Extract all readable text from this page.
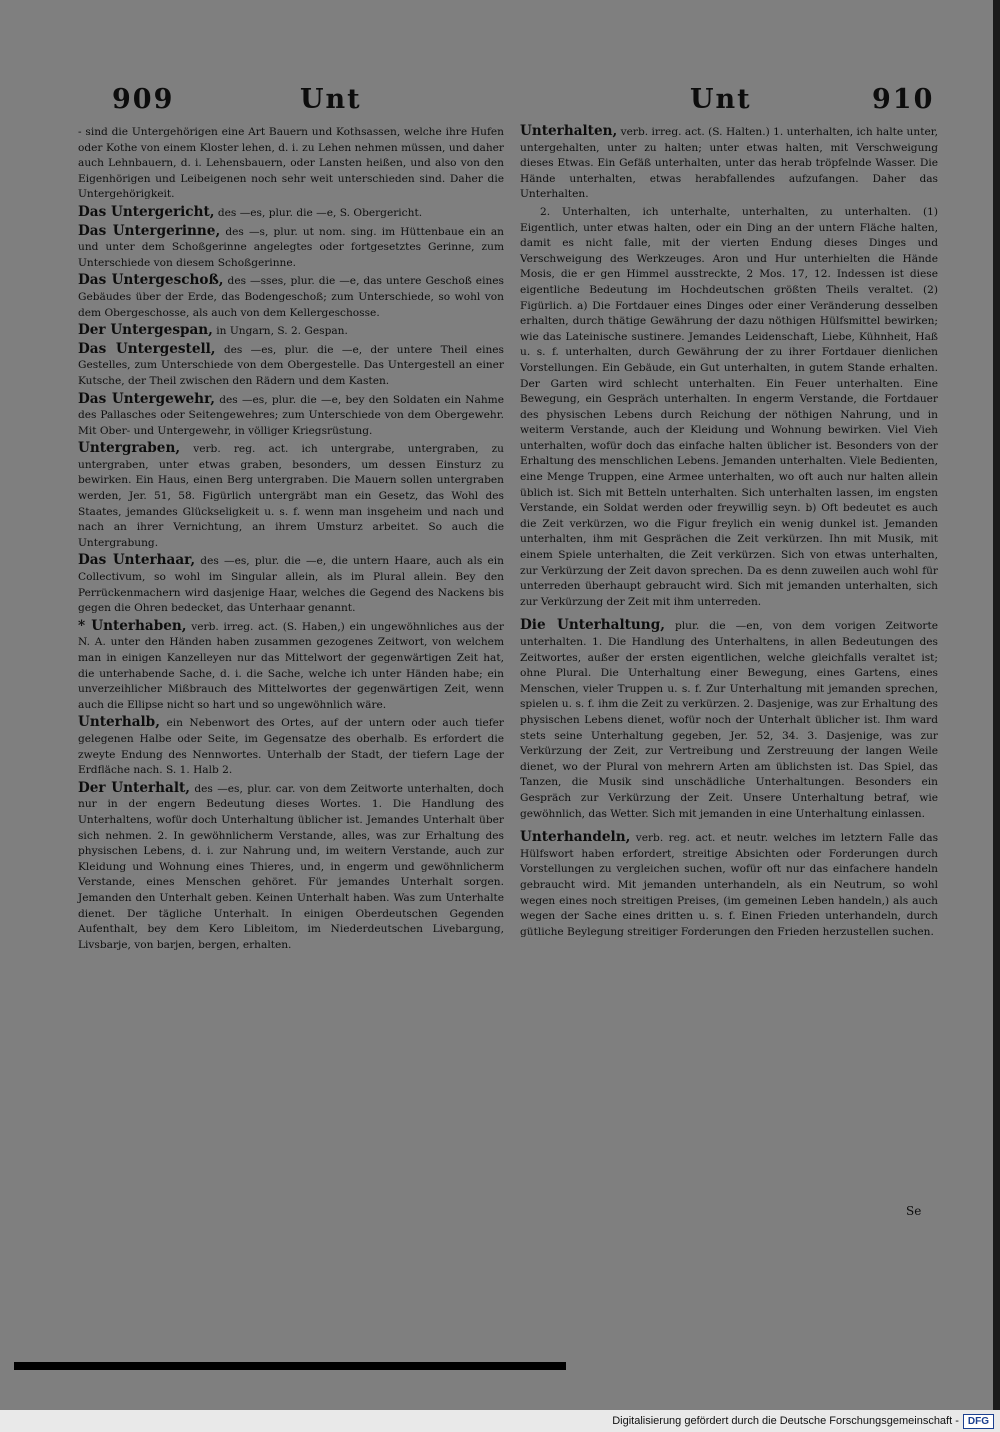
909	Unt	Unt	910

- sind die Untergehörigen eine Art Bauern und Kothsassen, welche ihre Hufen oder Kothe von einem Kloster lehen, d. i. zu Lehen nehmen müssen, und daher auch Lehnbauern, d. i. Lehensbauern, oder Lansten heißen, und also von den Eigenhörigen und Leibeigenen noch sehr weit unterschieden sind. Daher die Untergehörigkeit.

Das Untergericht, des —es, plur. die —e, S. Obergericht.

Das Untergerinne, des —s, plur. ut nom. sing. im Hüttenbaue ein an und unter dem Schoßgerinne angelegtes oder fortgesetztes Gerinne, zum Unterschiede von diesem Schoßgerinne.

Das Untergeschoß, des —sses, plur. die —e, das untere Geschoß eines Gebäudes über der Erde, das Bodengeschoß; zum Unterschiede, so wohl von dem Obergeschosse, als auch von dem Kellergeschosse.

Der Untergespan, in Ungarn, S. 2. Gespan.

Das Untergestell, des —es, plur. die —e, der untere Theil eines Gestelles, zum Unterschiede von dem Obergestelle. Das Untergestell an einer Kutsche, der Theil zwischen den Rädern und dem Kasten.

Das Untergewehr, des —es, plur. die —e, bey den Soldaten ein Nahme des Pallasches oder Seitengewehres; zum Unterschiede von dem Obergewehr. Mit Ober- und Untergewehr, in völliger Kriegsrüstung.

Untergraben, verb. reg. act. ich untergrabe, untergraben, zu untergraben, unter etwas graben, besonders, um dessen Einsturz zu bewirken. Ein Haus, einen Berg untergraben. Die Mauern sollen untergraben werden, Jer. 51, 58. Figürlich untergräbt man ein Gesetz, das Wohl des Staates, jemandes Glückseligkeit u. s. f. wenn man insgeheim und nach und nach an ihrer Vernichtung, an ihrem Umsturz arbeitet. So auch die Untergrabung.

Das Unterhaar, des —es, plur. die —e, die untern Haare, auch als ein Collectivum, so wohl im Singular allein, als im Plural allein. Bey den Perrückenmachern wird dasjenige Haar, welches die Gegend des Nackens bis gegen die Ohren bedecket, das Unterhaar genannt.

* Unterhaben, verb. irreg. act. (S. Haben,) ein ungewöhnliches aus der N. A. unter den Händen haben zusammen gezogenes Zeitwort, von welchem man in einigen Kanzelleyen nur das Mittelwort der gegenwärtigen Zeit hat, die unterhabende Sache, d. i. die Sache, welche ich unter Händen habe; ein unverzeihlicher Mißbrauch des Mittelwortes der gegenwärtigen Zeit, wenn auch die Ellipse nicht so hart und so ungewöhnlich wäre.

Unterhalb, ein Nebenwort des Ortes, auf der untern oder auch tiefer gelegenen Halbe oder Seite, im Gegensatze des oberhalb. Es erfordert die zweyte Endung des Nennwortes. Unterhalb der Stadt, der tiefern Lage der Erdfläche nach. S. 1. Halb 2.

Der Unterhalt, des —es, plur. car. von dem Zeitworte unterhalten, doch nur in der engern Bedeutung dieses Wortes. 1. Die Handlung des Unterhaltens, wofür doch Unterhaltung üblicher ist. Jemandes Unterhalt über sich nehmen. 2. In gewöhnlicherm Verstande, alles, was zur Erhaltung des physischen Lebens, d. i. zur Nahrung und, im weitern Verstande, auch zur Kleidung und Wohnung eines Thieres, und, in engerm und gewöhnlicherm Verstande, eines Menschen gehöret. Für jemandes Unterhalt sorgen. Jemanden den Unterhalt geben. Keinen Unterhalt haben. Was zum Unterhalte dienet. Der tägliche Unterhalt. In einigen Oberdeutschen Gegenden Aufenthalt, bey dem Kero Libleitom, im Niederdeutschen Livebargung, Livsbarje, von barjen, bergen, erhalten.

Unterhalten, verb. irreg. act. (S. Halten.) 1. unterhalten, ich halte unter, untergehalten, unter zu halten; unter etwas halten, mit Verschweigung dieses Etwas. Ein Gefäß unterhalten, unter das herab tröpfelnde Wasser. Die Hände unterhalten, etwas herabfallendes aufzufangen. Daher das Unterhalten.

2. Unterhalten, ich unterhalte, unterhalten, zu unterhalten. (1) Eigentlich, unter etwas halten, oder ein Ding an der untern Fläche halten, damit es nicht falle, mit der vierten Endung dieses Dinges und Verschweigung des Werkzeuges. Aron und Hur unterhielten die Hände Mosis, die er gen Himmel ausstreckte, 2 Mos. 17, 12. Indessen ist diese eigentliche Bedeutung im Hochdeutschen größten Theils veraltet. (2) Figürlich. a) Die Fortdauer eines Dinges oder einer Veränderung desselben erhalten, durch thätige Gewährung der dazu nöthigen Hülfsmittel bewirken; wie das Lateinische sustinere. Jemandes Leidenschaft, Liebe, Kühnheit, Haß u. s. f. unterhalten, durch Gewährung der zu ihrer Fortdauer dienlichen Vorstellungen. Ein Gebäude, ein Gut unterhalten, in gutem Stande erhalten. Der Garten wird schlecht unterhalten. Ein Feuer unterhalten. Eine Bewegung, ein Gespräch unterhalten. In engerm Verstande, die Fortdauer des physischen Lebens durch Reichung der nöthigen Nahrung, und in weiterm Verstande, auch der Kleidung und Wohnung bewirken. Viel Vieh unterhalten, wofür doch das einfache halten üblicher ist. Besonders von der Erhaltung des menschlichen Lebens. Jemanden unterhalten. Viele Bedienten, eine Menge Truppen, eine Armee unterhalten, wo oft auch nur halten allein üblich ist. Sich mit Betteln unterhalten. Sich unterhalten lassen, im engsten Verstande, ein Soldat werden oder freywillig seyn. b) Oft bedeutet es auch die Zeit verkürzen, wo die Figur freylich ein wenig dunkel ist. Jemanden unterhalten, ihm mit Gesprächen die Zeit verkürzen. Ihn mit Musik, mit einem Spiele unterhalten, die Zeit verkürzen. Sich von etwas unterhalten, zur Verkürzung der Zeit davon sprechen. Da es denn zuweilen auch wohl für unterreden überhaupt gebraucht wird. Sich mit jemanden unterhalten, sich zur Verkürzung der Zeit mit ihm unterreden.

Die Unterhaltung, plur. die —en, von dem vorigen Zeitworte unterhalten. 1. Die Handlung des Unterhaltens, in allen Bedeutungen des Zeitwortes, außer der ersten eigentlichen, welche gleichfalls veraltet ist; ohne Plural. Die Unterhaltung einer Bewegung, eines Gartens, eines Menschen, vieler Truppen u. s. f. Zur Unterhaltung mit jemanden sprechen, spielen u. s. f. ihm die Zeit zu verkürzen. 2. Dasjenige, was zur Erhaltung des physischen Lebens dienet, wofür noch der Unterhalt üblicher ist. Ihm ward stets seine Unterhaltung gegeben, Jer. 52, 34. 3. Dasjenige, was zur Verkürzung der Zeit, zur Vertreibung und Zerstreuung der langen Weile dienet, wo der Plural von mehrern Arten am üblichsten ist. Das Spiel, das Tanzen, die Musik sind unschädliche Unterhaltungen. Besonders ein Gespräch zur Verkürzung der Zeit. Unsere Unterhaltung betraf, wie gewöhnlich, das Wetter. Sich mit jemanden in eine Unterhaltung einlassen.

Unterhandeln, verb. reg. act. et neutr. welches im letztern Falle das Hülfswort haben erfordert, streitige Absichten oder Forderungen durch Vorstellungen zu vergleichen suchen, wofür oft nur das einfachere handeln gebraucht wird. Mit jemanden unterhandeln, als ein Neutrum, so wohl wegen eines noch streitigen Preises, (im gemeinen Leben handeln,) als auch wegen der Sache eines dritten u. s. f. Einen Frieden unterhandeln, durch gütliche Beylegung streitiger Forderungen den Frieden herzustellen suchen.

Se

Digitalisierung gefördert durch die Deutsche Forschungsgemeinschaft - DFG
